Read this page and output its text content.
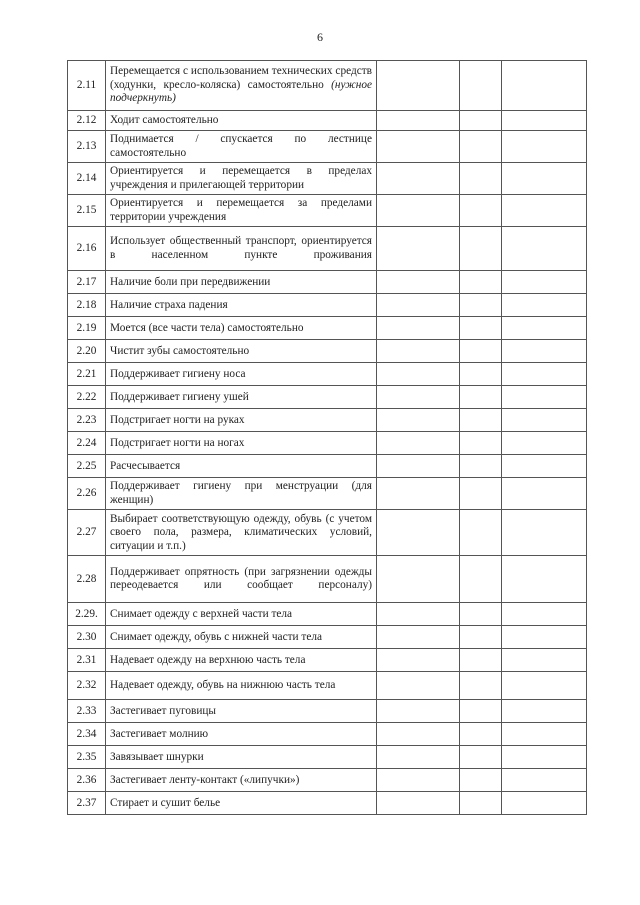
6
2.11	Перемещается с использованием технических средств (ходунки, кресло-коляска) самостоятельно (нужное подчеркнуть)			
2.12	Ходит самостоятельно			
2.13	Поднимается / спускается по лестнице самостоятельно			
2.14	Ориентируется и перемещается в пределах учреждения и прилегающей территории			
2.15	Ориентируется и перемещается за пределами территории учреждения			
2.16	Использует общественный транспорт, ориентируется в населенном пункте проживания			
2.17	Наличие боли при передвижении			
2.18	Наличие страха падения			
2.19	Моется (все части тела) самостоятельно			
2.20	Чистит зубы самостоятельно			
2.21	Поддерживает гигиену носа			
2.22	Поддерживает гигиену ушей			
2.23	Подстригает ногти на руках			
2.24	Подстригает ногти на ногах			
2.25	Расчесывается			
2.26	Поддерживает гигиену при менструации (для женщин)			
2.27	Выбирает соответствующую одежду, обувь (с учетом своего пола, размера, климатических условий, ситуации и т.п.)			
2.28	Поддерживает опрятность (при загрязнении одежды переодевается или сообщает персоналу)			
2.29.	Снимает одежду с верхней части тела			
2.30	Снимает одежду, обувь с нижней части тела			
2.31	Надевает одежду на верхнюю часть тела			
2.32	Надевает одежду, обувь на нижнюю часть тела			
2.33	Застегивает пуговицы			
2.34	Застегивает молнию			
2.35	Завязывает шнурки			
2.36	Застегивает ленту-контакт («липучки»)			
2.37	Стирает и сушит белье			
